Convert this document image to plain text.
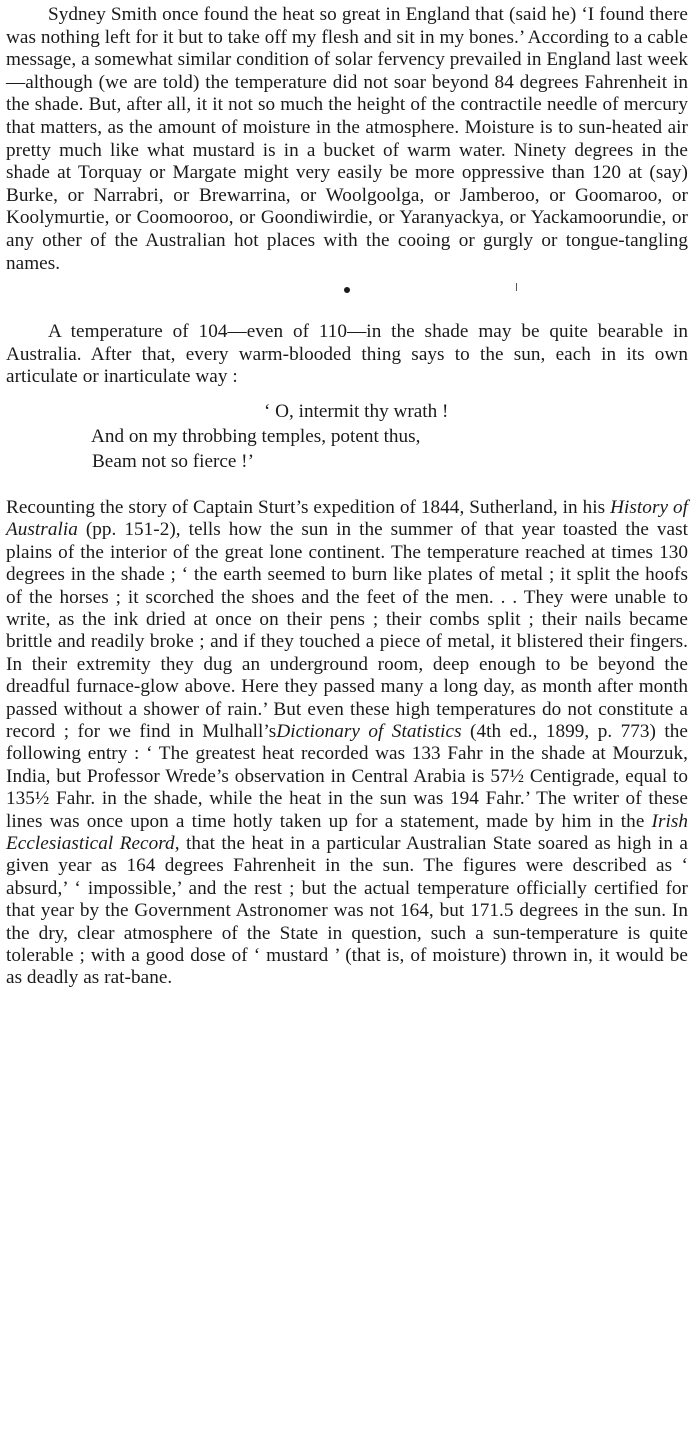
Sydney Smith once found the heat so great in England that (said he) ‘I found there was nothing left for it but to take off my flesh and sit in my bones.’ According to a cable message, a somewhat similar condition of solar fervency prevailed in England last week—although (we are told) the temperature did not soar beyond 84 degrees Fahrenheit in the shade. But, after all, it it not so much the height of the contractile needle of mercury that matters, as the amount of moisture in the atmosphere. Moisture is to sun-heated air pretty much like what mustard is in a bucket of warm water. Ninety degrees in the shade at Torquay or Margate might very easily be more oppressive than 120 at (say) Burke, or Narrabri, or Brewarrina, or Woolgoolga, or Jamberoo, or Goomaroo, or Koolymurtie, or Coomooroo, or Goondiwirdie, or Yaranyackya, or Yackamoorundie, or any other of the Australian hot places with the cooing or gurgly or tongue-tangling names.

A temperature of 104—even of 110—in the shade may be quite bearable in Australia. After that, every warm-blooded thing says to the sun, each in its own articulate or inarticulate way :

‘ O, intermit thy wrath !
And on my throbbing temples, potent thus,
Beam not so fierce !’

Recounting the story of Captain Sturt’s expedition of 1844, Sutherland, in his History of Australia (pp. 151-2), tells how the sun in the summer of that year toasted the vast plains of the interior of the great lone continent. The temperature reached at times 130 degrees in the shade ; ‘ the earth seemed to burn like plates of metal ; it split the hoofs of the horses ; it scorched the shoes and the feet of the men. . . They were unable to write, as the ink dried at once on their pens ; their combs split ; their nails became brittle and readily broke ; and if they touched a piece of metal, it blistered their fingers. In their extremity they dug an underground room, deep enough to be beyond the dreadful furnace-glow above. Here they passed many a long day, as month after month passed without a shower of rain.’ But even these high temperatures do not constitute a record ; for we find in Mulhall’sDictionary of Statistics (4th ed., 1899, p. 773) the following entry : ‘ The greatest heat recorded was 133 Fahr in the shade at Mourzuk, India, but Professor Wrede’s observation in Central Arabia is 57½ Centigrade, equal to 135½ Fahr. in the shade, while the heat in the sun was 194 Fahr.’ The writer of these lines was once upon a time hotly taken up for a statement, made by him in the Irish Ecclesiastical Record, that the heat in a particular Australian State soared as high in a given year as 164 degrees Fahrenheit in the sun. The figures were described as ‘ absurd,’ ‘ impossible,’ and the rest ; but the actual temperature officially certified for that year by the Government Astronomer was not 164, but 171.5 degrees in the sun. In the dry, clear atmosphere of the State in question, such a sun-temperature is quite tolerable ; with a good dose of ‘ mustard ’ (that is, of moisture) thrown in, it would be as deadly as rat-bane.
